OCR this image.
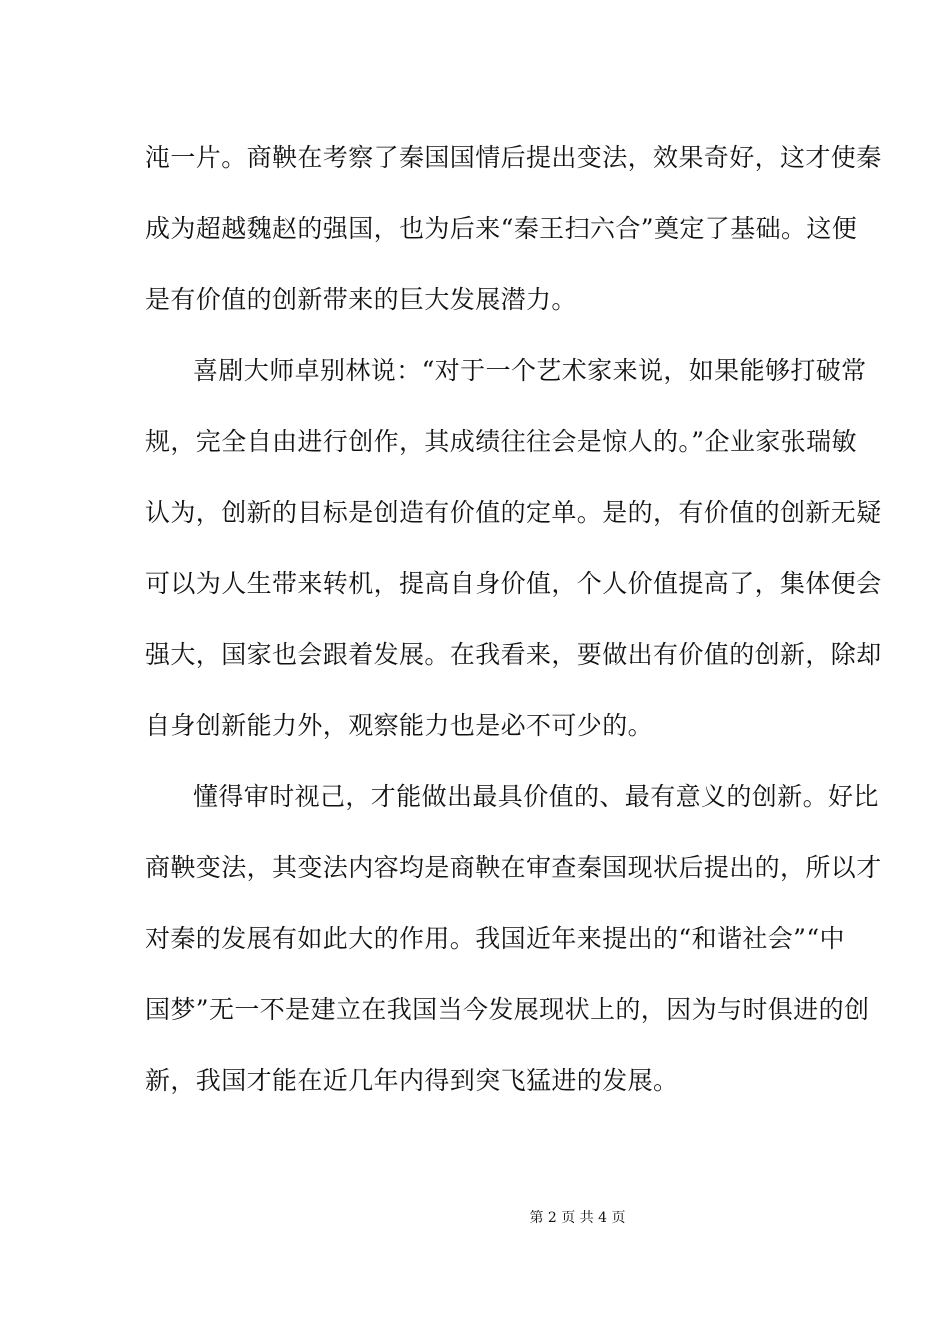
沌一片。商鞅在考察了秦国国情后提出变法，效果奇好，这才使秦
成为超越魏赵的强国，也为后来“秦王扫六合”奠定了基础。这便
是有价值的创新带来的巨大发展潜力。
喜剧大师卓别林说：“对于一个艺术家来说，如果能够打破常
规，完全自由进行创作，其成绩往往会是惊人的。”企业家张瑞敏
认为，创新的目标是创造有价值的定单。是的，有价值的创新无疑
可以为人生带来转机，提高自身价值，个人价值提高了，集体便会
强大，国家也会跟着发展。在我看来，要做出有价值的创新，除却
自身创新能力外，观察能力也是必不可少的。
懂得审时视己，才能做出最具价值的、最有意义的创新。好比
商鞅变法，其变法内容均是商鞅在审查秦国现状后提出的，所以才
对秦的发展有如此大的作用。我国近年来提出的“和谐社会”“中
国梦”无一不是建立在我国当今发展现状上的，因为与时俱进的创
新，我国才能在近几年内得到突飞猛进的发展。
第 2 页 共 4 页
